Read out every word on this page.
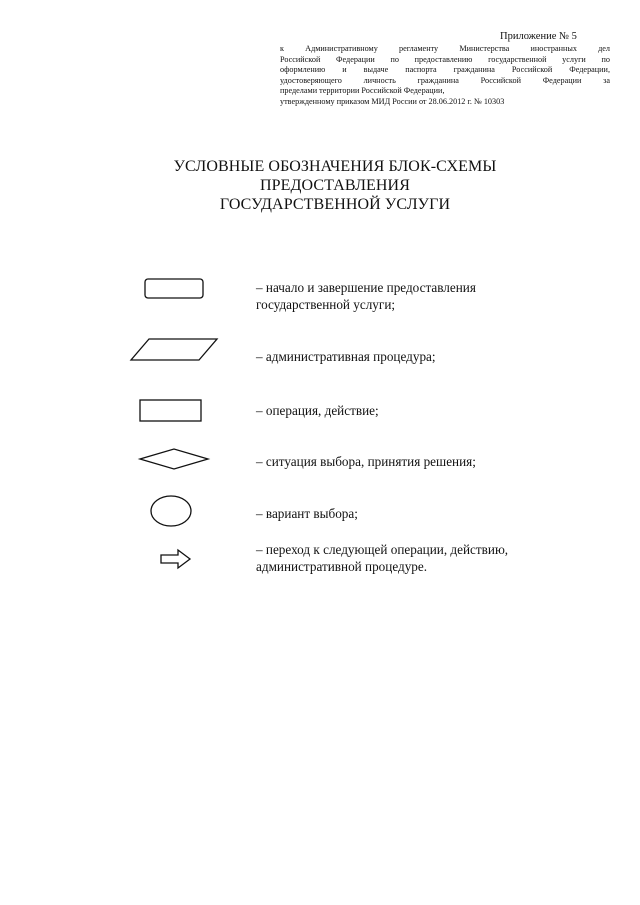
Приложение № 5
к Административному регламенту Министерства иностранных дел
Российской Федерации по предоставлению государственной услуги по
оформлению и выдаче паспорта гражданина Российской Федерации,
удостоверяющего личность гражданина Российской Федерации за
пределами территории Российской Федерации,
утвержденному приказом МИД России от 28.06.2012 г. № 10303
УСЛОВНЫЕ ОБОЗНАЧЕНИЯ БЛОК-СХЕМЫ ПРЕДОСТАВЛЕНИЯ
ГОСУДАРСТВЕННОЙ УСЛУГИ
– начало и завершение предоставления
государственной услуги;
– административная процедура;
– операция, действие;
– ситуация выбора, принятия решения;
– вариант выбора;
– переход к следующей операции, действию,
административной процедуре.
